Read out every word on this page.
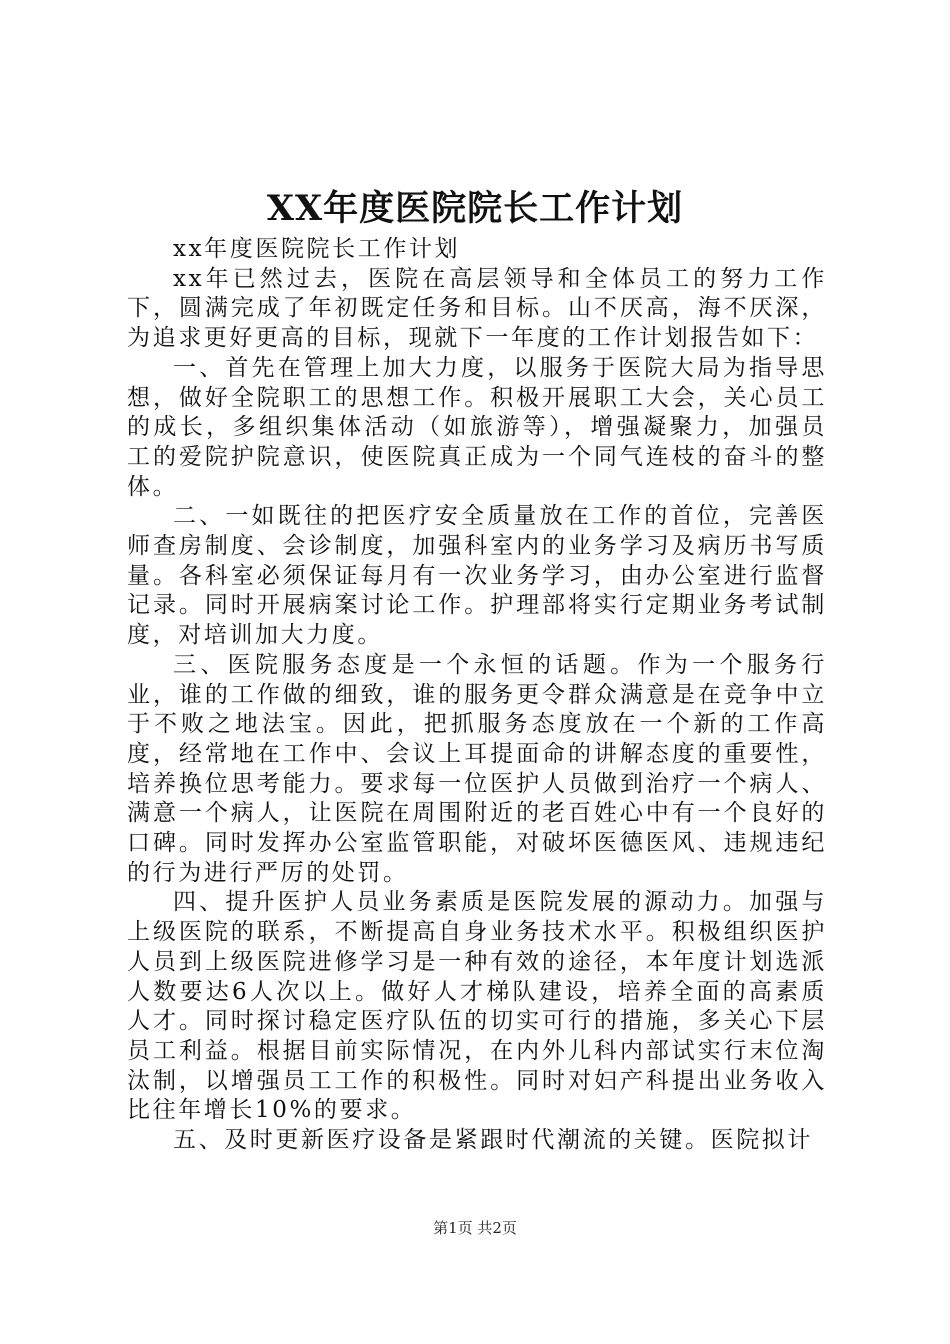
XX年度医院院长工作计划

xx年度医院院长工作计划

xx年已然过去，医院在高层领导和全体员工的努力工作下，圆满完成了年初既定任务和目标。山不厌高，海不厌深，为追求更好更高的目标，现就下一年度的工作计划报告如下：

一、首先在管理上加大力度，以服务于医院大局为指导思想，做好全院职工的思想工作。积极开展职工大会，关心员工的成长，多组织集体活动（如旅游等），增强凝聚力，加强员工的爱院护院意识，使医院真正成为一个同气连枝的奋斗的整体。

二、一如既往的把医疗安全质量放在工作的首位，完善医师查房制度、会诊制度，加强科室内的业务学习及病历书写质量。各科室必须保证每月有一次业务学习，由办公室进行监督记录。同时开展病案讨论工作。护理部将实行定期业务考试制度，对培训加大力度。

三、医院服务态度是一个永恒的话题。作为一个服务行业，谁的工作做的细致，谁的服务更令群众满意是在竞争中立于不败之地法宝。因此，把抓服务态度放在一个新的工作高度，经常地在工作中、会议上耳提面命的讲解态度的重要性，培养换位思考能力。要求每一位医护人员做到治疗一个病人、满意一个病人，让医院在周围附近的老百姓心中有一个良好的口碑。同时发挥办公室监管职能，对破坏医德医风、违规违纪的行为进行严厉的处罚。

四、提升医护人员业务素质是医院发展的源动力。加强与上级医院的联系，不断提高自身业务技术水平。积极组织医护人员到上级医院进修学习是一种有效的途径，本年度计划选派人数要达6人次以上。做好人才梯队建设，培养全面的高素质人才。同时探讨稳定医疗队伍的切实可行的措施，多关心下层员工利益。根据目前实际情况，在内外儿科内部试实行末位淘汰制，以增强员工工作的积极性。同时对妇产科提出业务收入比往年增长10%的要求。

五、及时更新医疗设备是紧跟时代潮流的关键。医院拟计

第1页 共2页
